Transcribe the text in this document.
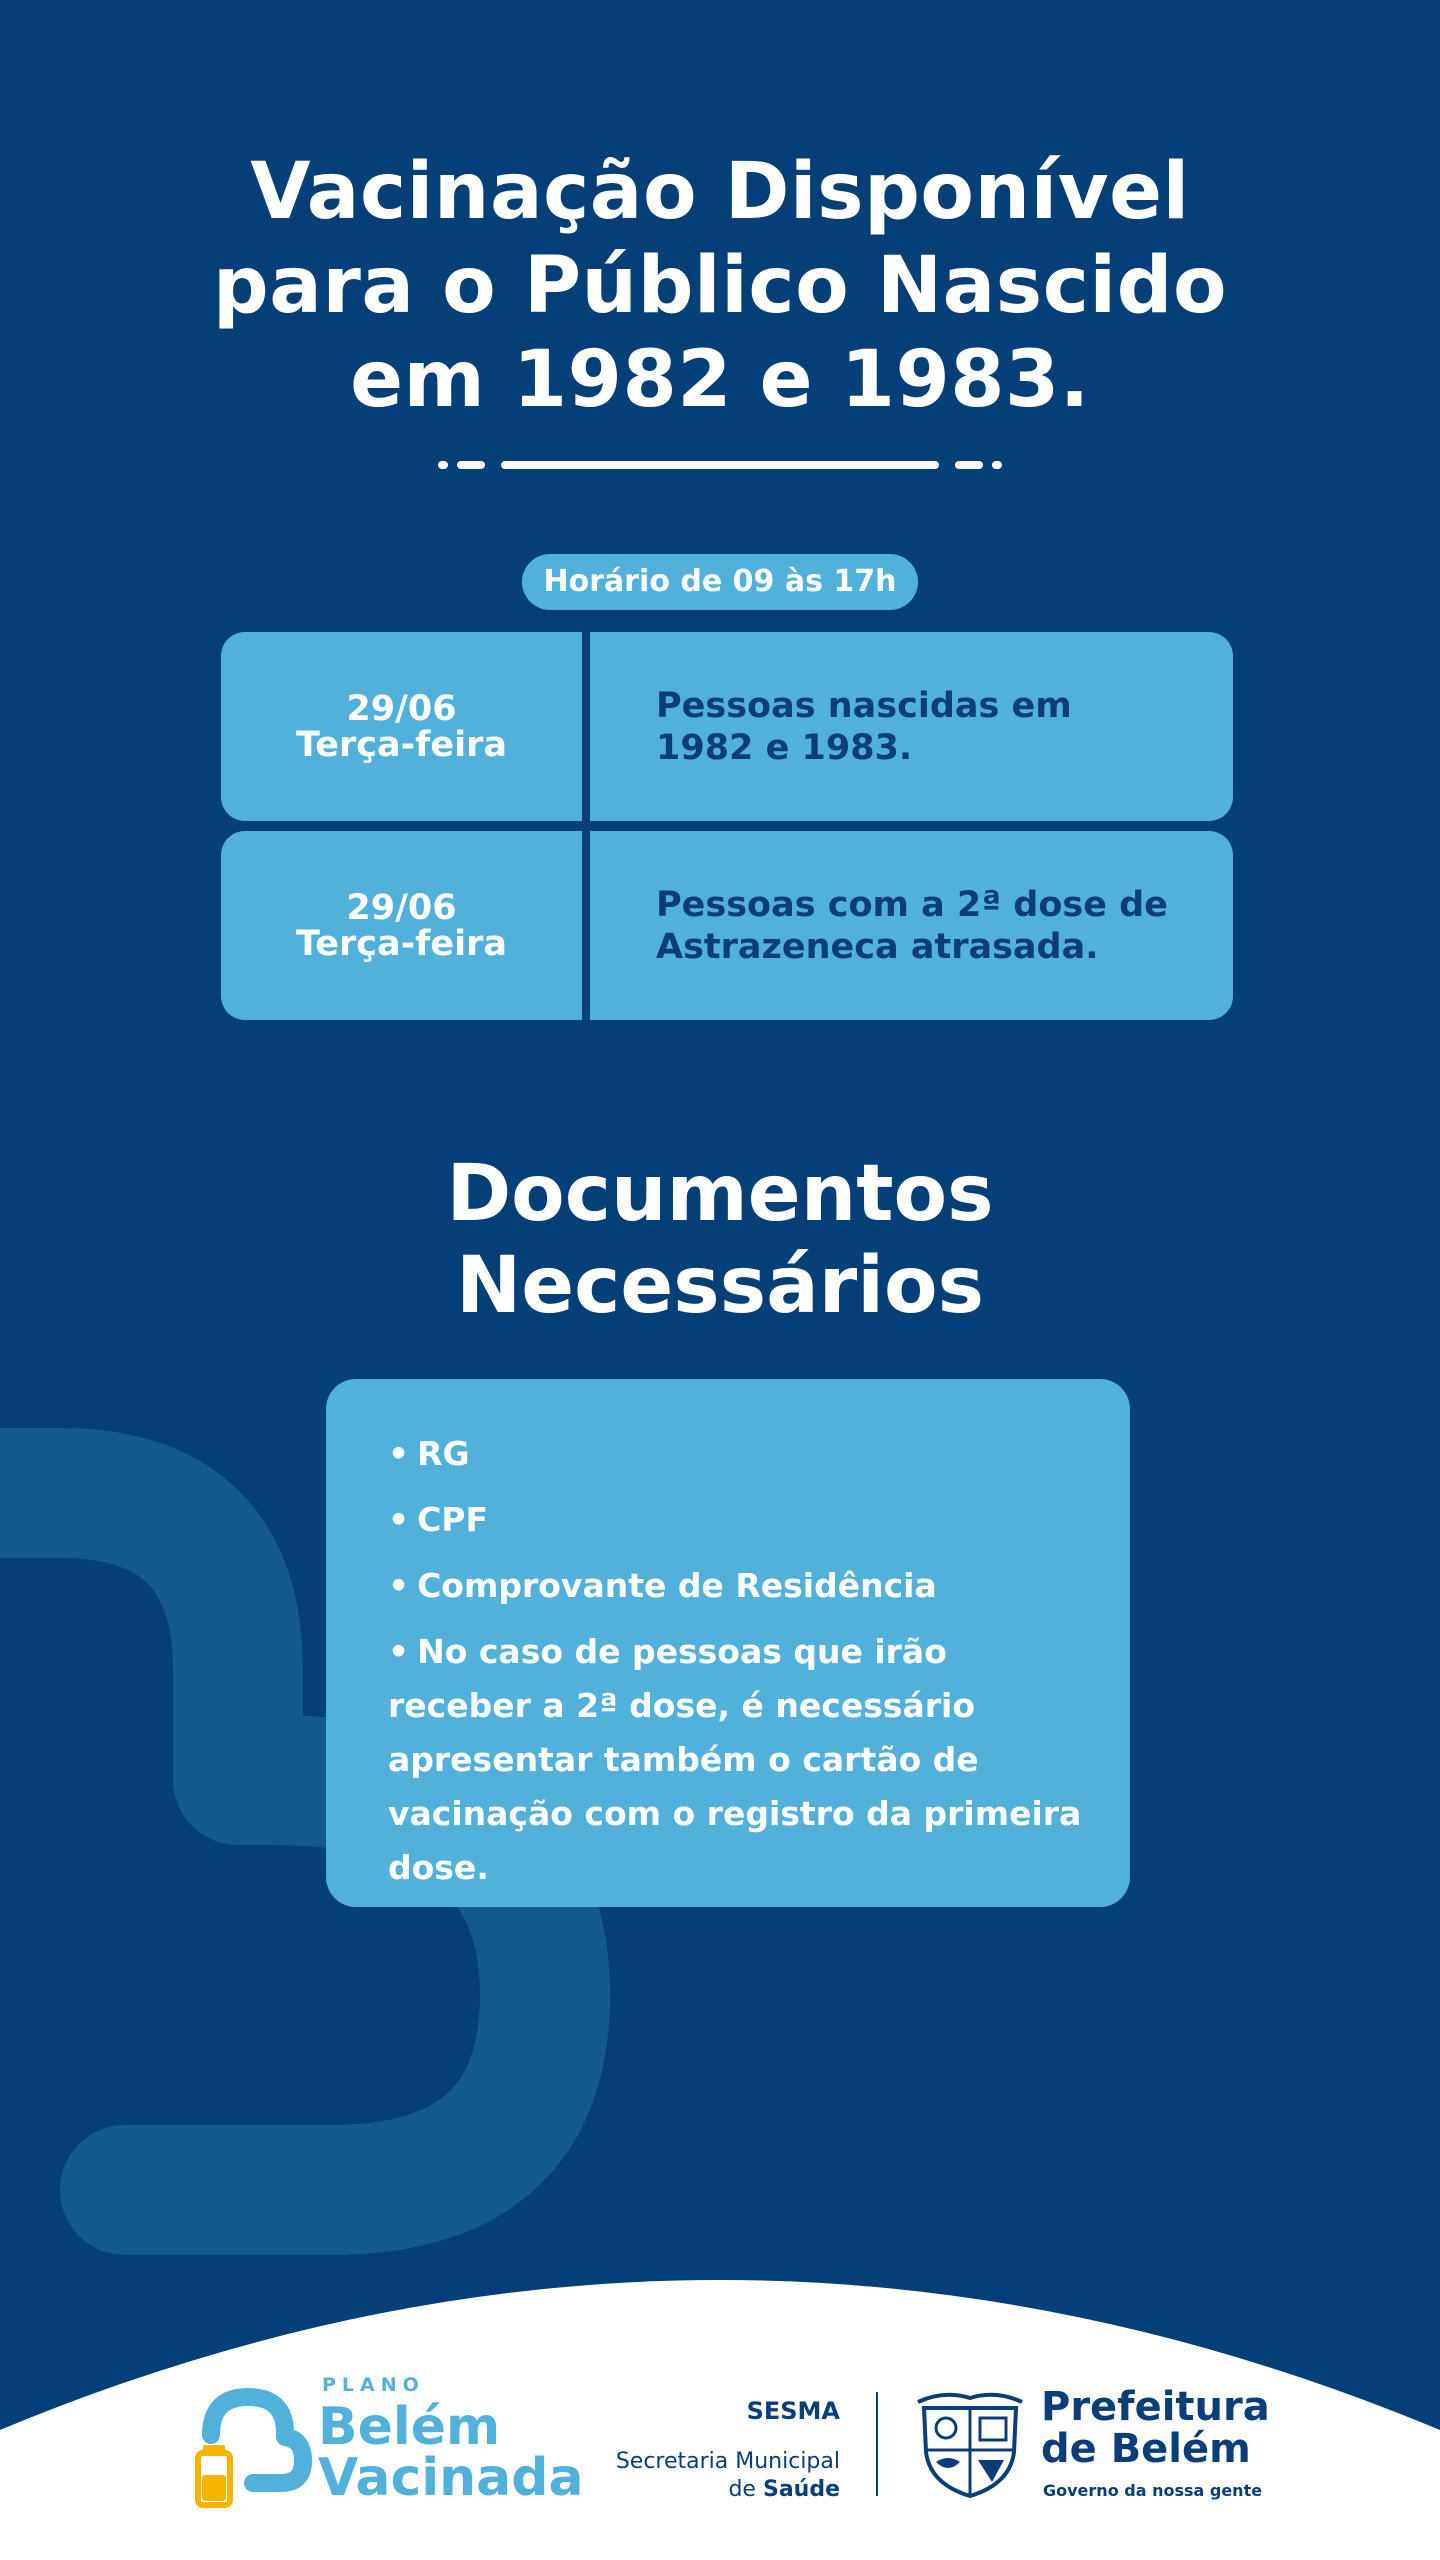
Vacinação Disponível
para o Público Nascido
em 1982 e 1983.
Horário de 09 às 17h
29/06
Terça-feira
Pessoas nascidas em
1982 e 1983.
29/06
Terça-feira
Pessoas com a 2ª dose de
Astrazeneca atrasada.
Documentos
Necessários
• RG
• CPF
• Comprovante de Residência
• No caso de pessoas que irão receber a 2ª dose, é necessário apresentar também o cartão de vacinação com o registro da primeira dose.
PLANO
Belém
Vacinada
SESMA
Secretaria Municipal
de Saúde
Prefeitura
de Belém
Governo da nossa gente
